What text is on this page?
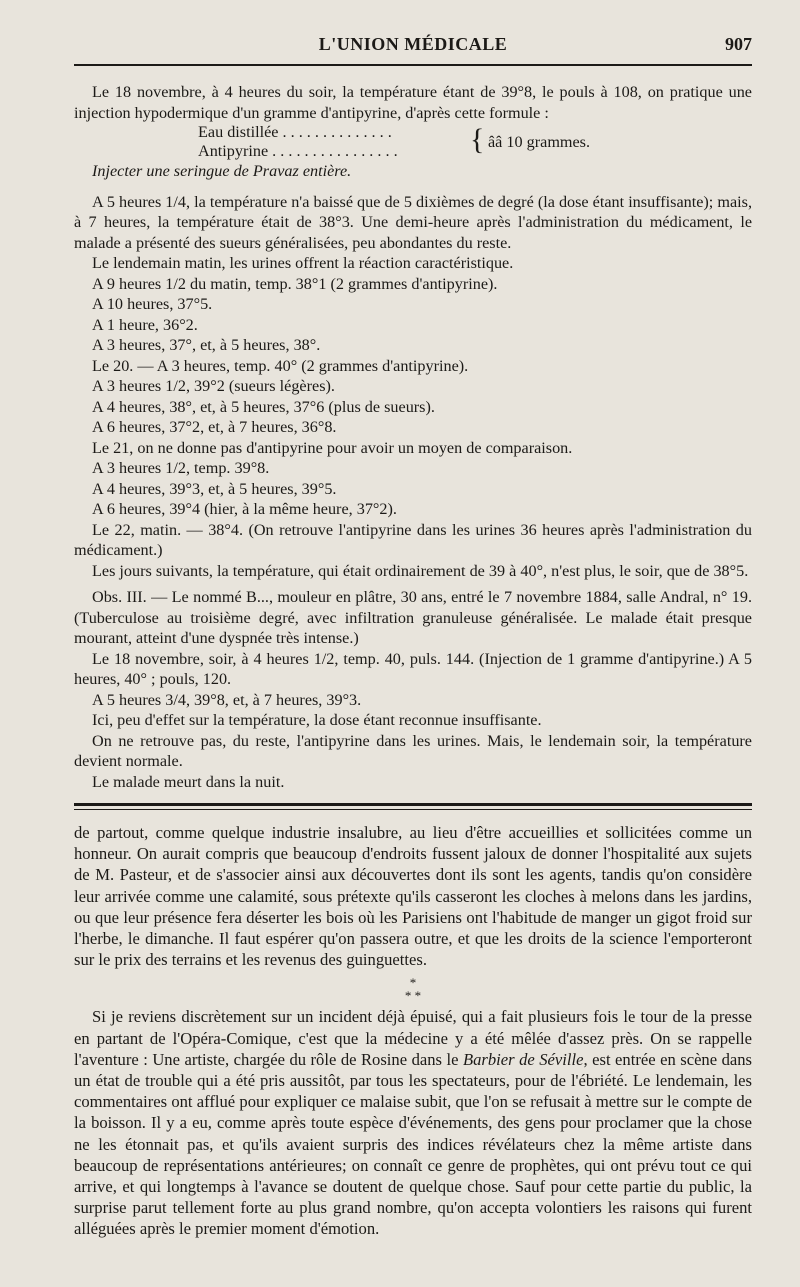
L'UNION MÉDICALE	907

Le 18 novembre, à 4 heures du soir, la température étant de 39°8, le pouls à 108, on pratique une injection hypodermique d'un gramme d'antipyrine, d'après cette formule :

Eau distillée . . . . . . . . . . . . . .
Antipyrine . . . . . . . . . . . . . . . . { ââ 10 grammes.

Injecter une seringue de Pravaz entière.

A 5 heures 1/4, la température n'a baissé que de 5 dixièmes de degré (la dose étant insuffisante); mais, à 7 heures, la température était de 38°3. Une demi-heure après l'administration du médicament, le malade a présenté des sueurs généralisées, peu abondantes du reste.

Le lendemain matin, les urines offrent la réaction caractéristique.

A 9 heures 1/2 du matin, temp. 38°1 (2 grammes d'antipyrine).

A 10 heures, 37°5.

A 1 heure, 36°2.

A 3 heures, 37°, et, à 5 heures, 38°.

Le 20. — A 3 heures, temp. 40° (2 grammes d'antipyrine).

A 3 heures 1/2, 39°2 (sueurs légères).

A 4 heures, 38°, et, à 5 heures, 37°6 (plus de sueurs).

A 6 heures, 37°2, et, à 7 heures, 36°8.

Le 21, on ne donne pas d'antipyrine pour avoir un moyen de comparaison.

A 3 heures 1/2, temp. 39°8.

A 4 heures, 39°3, et, à 5 heures, 39°5.

A 6 heures, 39°4 (hier, à la même heure, 37°2).

Le 22, matin. — 38°4. (On retrouve l'antipyrine dans les urines 36 heures après l'administration du médicament.)

Les jours suivants, la température, qui était ordinairement de 39 à 40°, n'est plus, le soir, que de 38°5.

Obs. III. — Le nommé B..., mouleur en plâtre, 30 ans, entré le 7 novembre 1884, salle Andral, n° 19. (Tuberculose au troisième degré, avec infiltration granuleuse généralisée. Le malade était presque mourant, atteint d'une dyspnée très intense.)

Le 18 novembre, soir, à 4 heures 1/2, temp. 40, puls. 144. (Injection de 1 gramme d'antipyrine.) A 5 heures, 40° ; pouls, 120.

A 5 heures 3/4, 39°8, et, à 7 heures, 39°3.

Ici, peu d'effet sur la température, la dose étant reconnue insuffisante.

On ne retrouve pas, du reste, l'antipyrine dans les urines. Mais, le lendemain soir, la température devient normale.

Le malade meurt dans la nuit.

de partout, comme quelque industrie insalubre, au lieu d'être accueillies et sollicitées comme un honneur. On aurait compris que beaucoup d'endroits fussent jaloux de donner l'hospitalité aux sujets de M. Pasteur, et de s'associer ainsi aux découvertes dont ils sont les agents, tandis qu'on considère leur arrivée comme une calamité, sous prétexte qu'ils casseront les cloches à melons dans les jardins, ou que leur présence fera déserter les bois où les Parisiens ont l'habitude de manger un gigot froid sur l'herbe, le dimanche. Il faut espérer qu'on passera outre, et que les droits de la science l'emporteront sur le prix des terrains et les revenus des guinguettes.

*
* *

Si je reviens discrètement sur un incident déjà épuisé, qui a fait plusieurs fois le tour de la presse en partant de l'Opéra-Comique, c'est que la médecine y a été mêlée d'assez près. On se rappelle l'aventure : Une artiste, chargée du rôle de Rosine dans le Barbier de Séville, est entrée en scène dans un état de trouble qui a été pris aussitôt, par tous les spectateurs, pour de l'ébriété. Le lendemain, les commentaires ont afflué pour expliquer ce malaise subit, que l'on se refusait à mettre sur le compte de la boisson. Il y a eu, comme après toute espèce d'événements, des gens pour proclamer que la chose ne les étonnait pas, et qu'ils avaient surpris des indices révélateurs chez la même artiste dans beaucoup de représentations antérieures; on connaît ce genre de prophètes, qui ont prévu tout ce qui arrive, et qui longtemps à l'avance se doutent de quelque chose. Sauf pour cette partie du public, la surprise parut tellement forte au plus grand nombre, qu'on accepta volontiers les raisons qui furent alléguées après le premier moment d'émotion.
